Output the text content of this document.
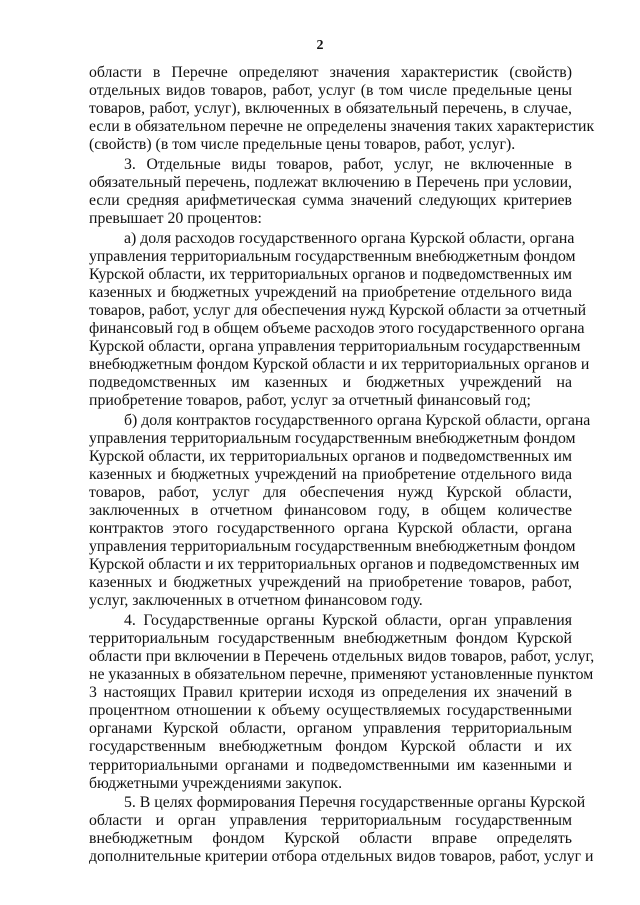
2
области в Перечне определяют значения характеристик (свойств)
отдельных видов товаров, работ, услуг (в том числе предельные цены
товаров, работ, услуг), включенных в обязательный перечень, в случае,
если в обязательном перечне не определены значения таких характеристик
(свойств) (в том числе предельные цены товаров, работ, услуг).
3. Отдельные виды товаров, работ, услуг, не включенные в
обязательный перечень, подлежат включению в Перечень при условии,
если средняя арифметическая сумма значений следующих критериев
превышает 20 процентов:
а) доля расходов государственного органа Курской области, органа
управления территориальным государственным внебюджетным фондом
Курской области, их территориальных органов и подведомственных им
казенных и бюджетных учреждений на приобретение отдельного вида
товаров, работ, услуг для обеспечения нужд Курской области за отчетный
финансовый год в общем объеме расходов этого государственного органа
Курской области, органа управления территориальным государственным
внебюджетным фондом Курской области и их территориальных органов и
подведомственных им казенных и бюджетных учреждений на
приобретение товаров, работ, услуг за отчетный финансовый год;
б) доля контрактов государственного органа Курской области, органа
управления территориальным государственным внебюджетным фондом
Курской области, их территориальных органов и подведомственных им
казенных и бюджетных учреждений на приобретение отдельного вида
товаров, работ, услуг для обеспечения нужд Курской области,
заключенных в отчетном финансовом году, в общем количестве
контрактов этого государственного органа Курской области, органа
управления территориальным государственным внебюджетным фондом
Курской области и их территориальных органов и подведомственных им
казенных и бюджетных учреждений на приобретение товаров, работ,
услуг, заключенных в отчетном финансовом году.
4. Государственные органы Курской области, орган управления
территориальным государственным внебюджетным фондом Курской
области при включении в Перечень отдельных видов товаров, работ, услуг,
не указанных в обязательном перечне, применяют установленные пунктом
3 настоящих Правил критерии исходя из определения их значений в
процентном отношении к объему осуществляемых государственными
органами Курской области, органом управления территориальным
государственным внебюджетным фондом Курской области и их
территориальными органами и подведомственными им казенными и
бюджетными учреждениями закупок.
5. В целях формирования Перечня государственные органы Курской
области и орган управления территориальным государственным
внебюджетным фондом Курской области вправе определять
дополнительные критерии отбора отдельных видов товаров, работ, услуг и
